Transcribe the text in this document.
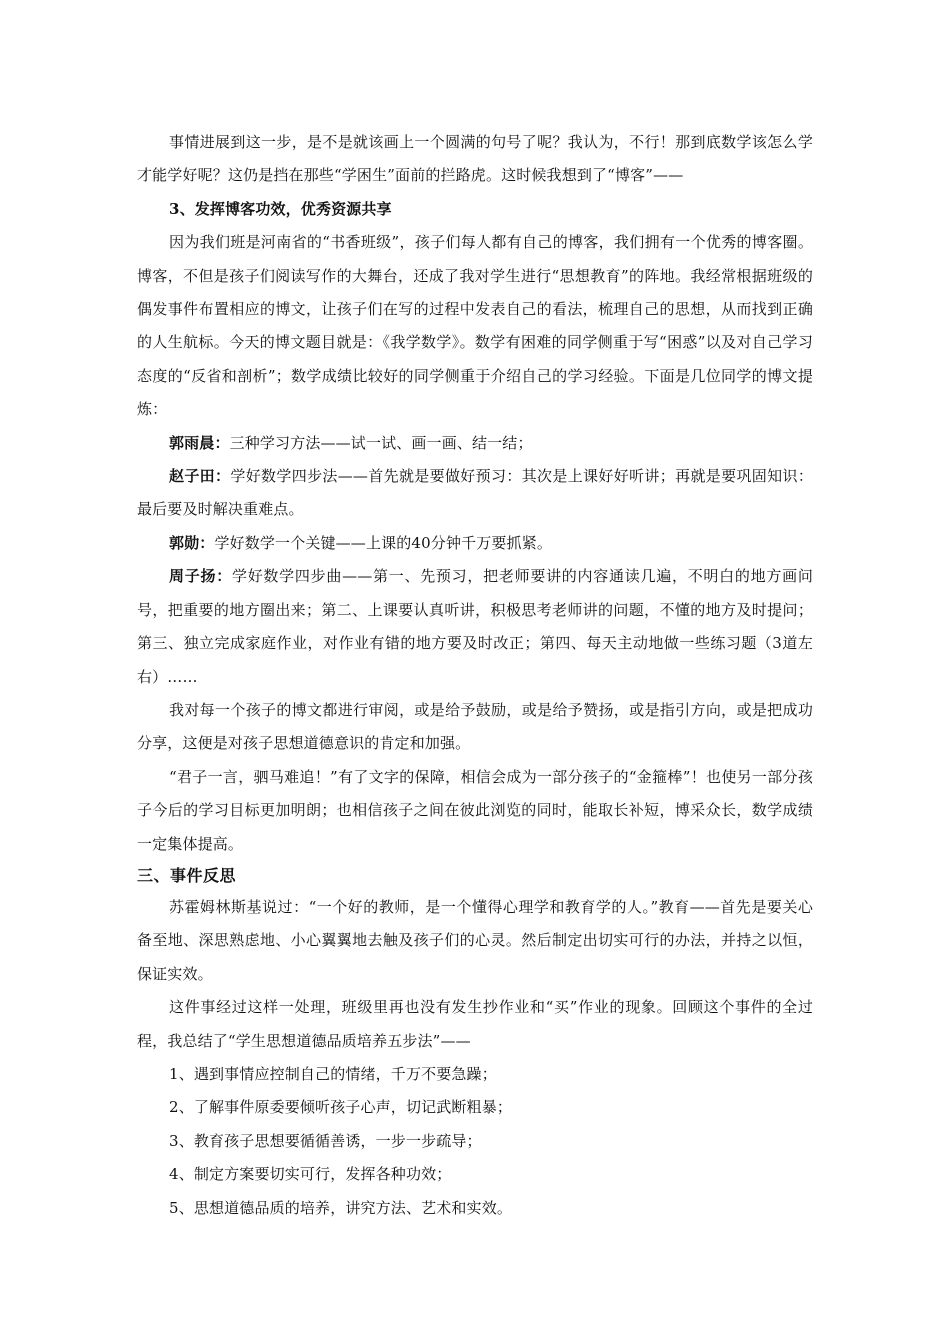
事情进展到这一步，是不是就该画上一个圆满的句号了呢？我认为，不行！那到底数学该怎么学才能学好呢？这仍是挡在那些“学困生”面前的拦路虎。这时候我想到了“博客”——

3、发挥博客功效，优秀资源共享

因为我们班是河南省的“书香班级”，孩子们每人都有自己的博客，我们拥有一个优秀的博客圈。博客，不但是孩子们阅读写作的大舞台，还成了我对学生进行“思想教育”的阵地。我经常根据班级的偶发事件布置相应的博文，让孩子们在写的过程中发表自己的看法，梳理自己的思想，从而找到正确的人生航标。今天的博文题目就是：《我学数学》。数学有困难的同学侧重于写“困惑”以及对自己学习态度的“反省和剖析”；数学成绩比较好的同学侧重于介绍自己的学习经验。下面是几位同学的博文提炼：

郭雨晨：三种学习方法——试一试、画一画、结一结；

赵子田：学好数学四步法——首先就是要做好预习：其次是上课好好听讲；再就是要巩固知识：最后要及时解决重难点。

郭勋：学好数学一个关键——上课的40分钟千万要抓紧。

周子扬：学好数学四步曲——第一、先预习，把老师要讲的内容通读几遍，不明白的地方画问号，把重要的地方圈出来；第二、上课要认真听讲，积极思考老师讲的问题，不懂的地方及时提问；第三、独立完成家庭作业，对作业有错的地方要及时改正；第四、每天主动地做一些练习题（3道左右）……

我对每一个孩子的博文都进行审阅，或是给予鼓励，或是给予赞扬，或是指引方向，或是把成功分享，这便是对孩子思想道德意识的肯定和加强。

“君子一言，驷马难追！”有了文字的保障，相信会成为一部分孩子的“金箍棒”！也使另一部分孩子今后的学习目标更加明朗；也相信孩子之间在彼此浏览的同时，能取长补短，博采众长，数学成绩一定集体提高。

三、事件反思

苏霍姆林斯基说过：“一个好的教师，是一个懂得心理学和教育学的人。”教育——首先是要关心备至地、深思熟虑地、小心翼翼地去触及孩子们的心灵。然后制定出切实可行的办法，并持之以恒，保证实效。

这件事经过这样一处理，班级里再也没有发生抄作业和“买”作业的现象。回顾这个事件的全过程，我总结了“学生思想道德品质培养五步法”——

1、遇到事情应控制自己的情绪，千万不要急躁；

2、了解事件原委要倾听孩子心声，切记武断粗暴；

3、教育孩子思想要循循善诱，一步一步疏导；

4、制定方案要切实可行，发挥各种功效；

5、思想道德品质的培养，讲究方法、艺术和实效。
